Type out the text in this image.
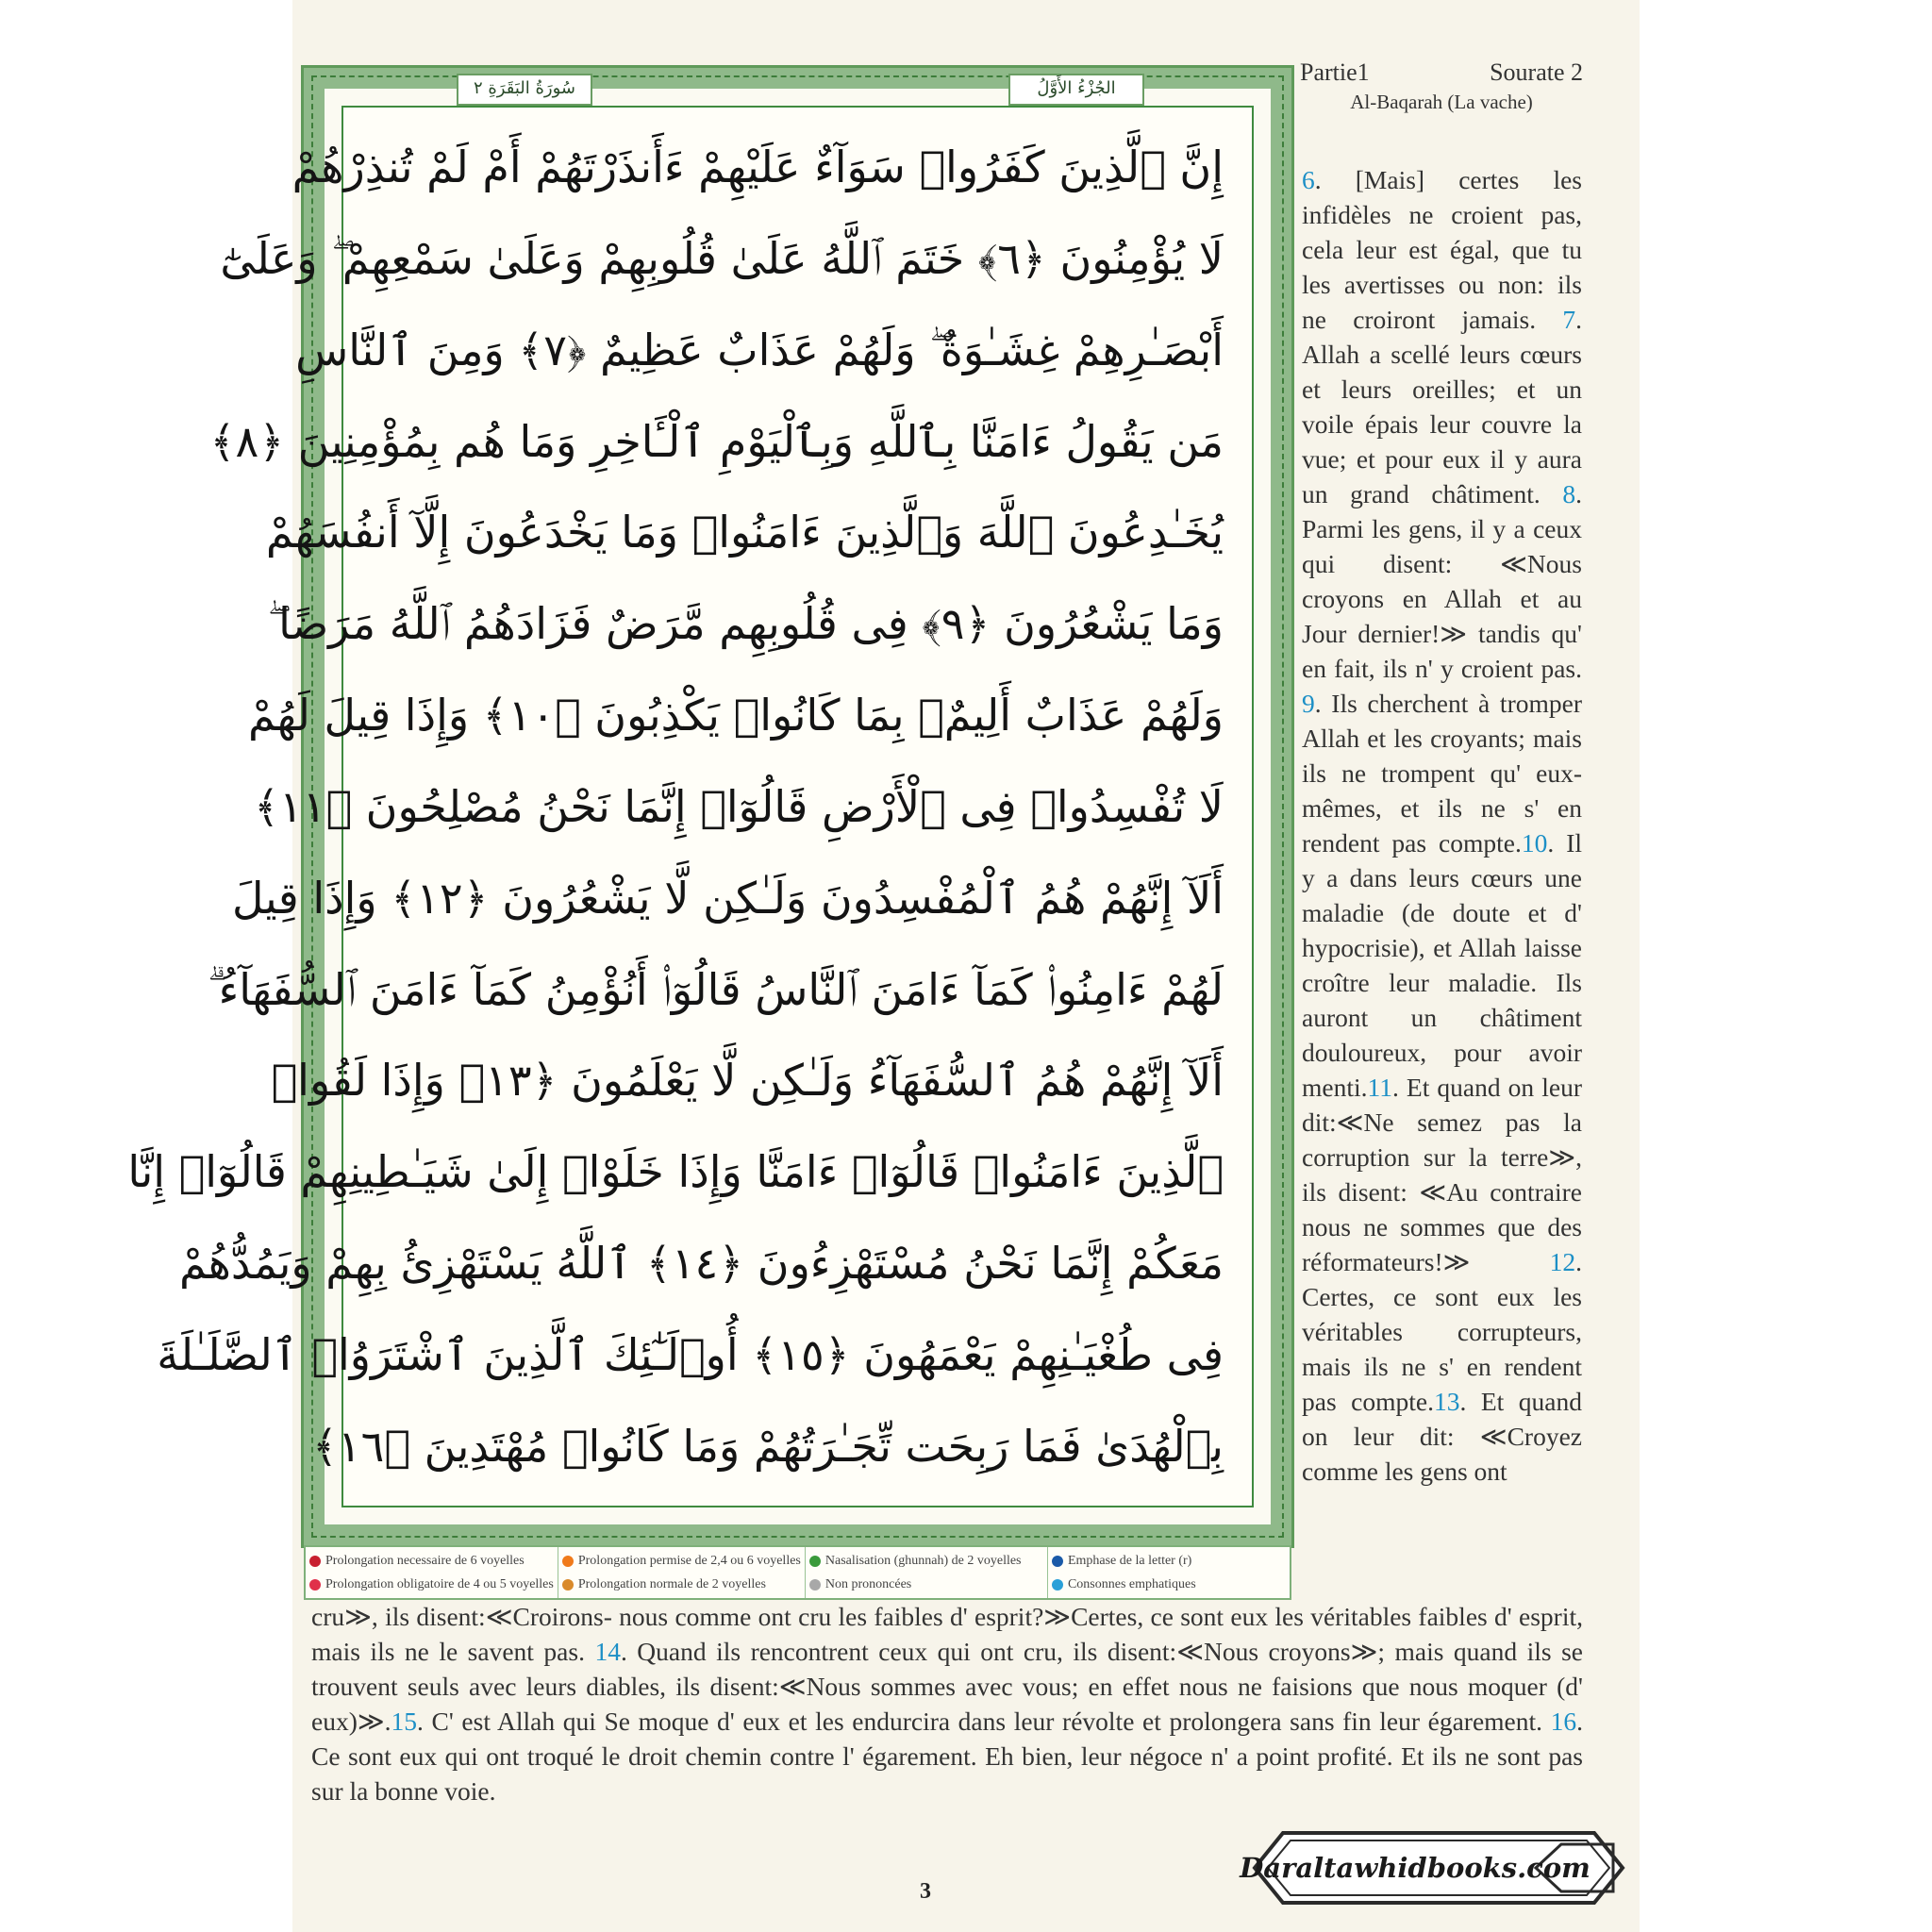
Partie1	Sourate 2
Al-Baqarah (La vache)
سُورَةُ البَقَرَةِ ٢	الجُزْءُ الأَوَّلُ
إِنَّ ٱلَّذِينَ كَفَرُوا۟ سَوَآءٌ عَلَيْهِمْ ءَأَنذَرْتَهُمْ أَمْ لَمْ تُنذِرْهُمْ
لَا يُؤْمِنُونَ ﴿٦﴾ خَتَمَ ٱللَّهُ عَلَىٰ قُلُوبِهِمْ وَعَلَىٰ سَمْعِهِمْ ۖ وَعَلَىٰٓ
أَبْصَـٰرِهِمْ غِشَـٰوَةٌ ۖ وَلَهُمْ عَذَابٌ عَظِيمٌ ﴿٧﴾ وَمِنَ ٱلنَّاسِ
مَن يَقُولُ ءَامَنَّا بِٱللَّهِ وَبِٱلْيَوْمِ ٱلْـَٔاخِرِ وَمَا هُم بِمُؤْمِنِينَ ﴿٨﴾
يُخَـٰدِعُونَ ٱللَّهَ وَٱلَّذِينَ ءَامَنُوا۟ وَمَا يَخْدَعُونَ إِلَّآ أَنفُسَهُمْ
وَمَا يَشْعُرُونَ ﴿٩﴾ فِى قُلُوبِهِم مَّرَضٌ فَزَادَهُمُ ٱللَّهُ مَرَضًا ۖ
وَلَهُمْ عَذَابٌ أَلِيمٌۢ بِمَا كَانُوا۟ يَكْذِبُونَ ﴿١٠﴾ وَإِذَا قِيلَ لَهُمْ
لَا تُفْسِدُوا۟ فِى ٱلْأَرْضِ قَالُوٓا۟ إِنَّمَا نَحْنُ مُصْلِحُونَ ﴿١١﴾
أَلَآ إِنَّهُمْ هُمُ ٱلْمُفْسِدُونَ وَلَـٰكِن لَّا يَشْعُرُونَ ﴿١٢﴾ وَإِذَا قِيلَ
لَهُمْ ءَامِنُوا۟ كَمَآ ءَامَنَ ٱلنَّاسُ قَالُوٓا۟ أَنُؤْمِنُ كَمَآ ءَامَنَ ٱلسُّفَهَآءُ ۗ
أَلَآ إِنَّهُمْ هُمُ ٱلسُّفَهَآءُ وَلَـٰكِن لَّا يَعْلَمُونَ ﴿١٣﴾ وَإِذَا لَقُوا۟
ٱلَّذِينَ ءَامَنُوا۟ قَالُوٓا۟ ءَامَنَّا وَإِذَا خَلَوْا۟ إِلَىٰ شَيَـٰطِينِهِمْ قَالُوٓا۟ إِنَّا
مَعَكُمْ إِنَّمَا نَحْنُ مُسْتَهْزِءُونَ ﴿١٤﴾ ٱللَّهُ يَسْتَهْزِئُ بِهِمْ وَيَمُدُّهُمْ
فِى طُغْيَـٰنِهِمْ يَعْمَهُونَ ﴿١٥﴾ أُو۟لَـٰٓئِكَ ٱلَّذِينَ ٱشْتَرَوُا۟ ٱلضَّلَـٰلَةَ
بِٱلْهُدَىٰ فَمَا رَبِحَت تِّجَـٰرَتُهُمْ وَمَا كَانُوا۟ مُهْتَدِينَ ﴿١٦﴾
Prolongation necessaire de 6 voyelles
Prolongation obligatoire de 4 ou 5 voyelles
Prolongation permise de 2,4 ou 6 voyelles
Prolongation normale de 2 voyelles
Nasalisation (ghunnah) de 2 voyelles
Non prononcées
Emphase de la letter (r)
Consonnes emphatiques
6. [Mais] certes les infidèles ne croient pas, cela leur est égal, que tu les avertisses ou non: ils ne croiront jamais. 7. Allah a scellé leurs cœurs et leurs oreilles; et un voile épais leur couvre la vue; et pour eux il y aura un grand châtiment. 8. Parmi les gens, il y a ceux qui disent: ≪Nous croyons en Allah et au Jour dernier!≫ tandis qu' en fait, ils n' y croient pas. 9. Ils cherchent à tromper Allah et les croyants; mais ils ne trompent qu' eux-mêmes, et ils ne s' en rendent pas compte.10. Il y a dans leurs cœurs une maladie (de doute et d' hypocrisie), et Allah laisse croître leur maladie. Ils auront un châtiment douloureux, pour avoir menti.11. Et quand on leur dit:≪Ne semez pas la corruption sur la terre≫, ils disent: ≪Au contraire nous ne sommes que des réformateurs!≫ 12. Certes, ce sont eux les véritables corrupteurs, mais ils ne s' en rendent pas compte.13. Et quand on leur dit: ≪Croyez comme les gens ont
cru≫, ils disent:≪Croirons- nous comme ont cru les faibles d' esprit?≫Certes, ce sont eux les véritables faibles d' esprit, mais ils ne le savent pas. 14. Quand ils rencontrent ceux qui ont cru, ils disent:≪Nous croyons≫; mais quand ils se trouvent seuls avec leurs diables, ils disent:≪Nous sommes avec vous; en effet nous ne faisions que nous moquer (d' eux)≫.15. C' est Allah qui Se moque d' eux et les endurcira dans leur révolte et prolongera sans fin leur égarement. 16. Ce sont eux qui ont troqué le droit chemin contre l' égarement. Eh bien, leur négoce n' a point profité. Et ils ne sont pas sur la bonne voie.
3
Daraltawhidbooks.com
